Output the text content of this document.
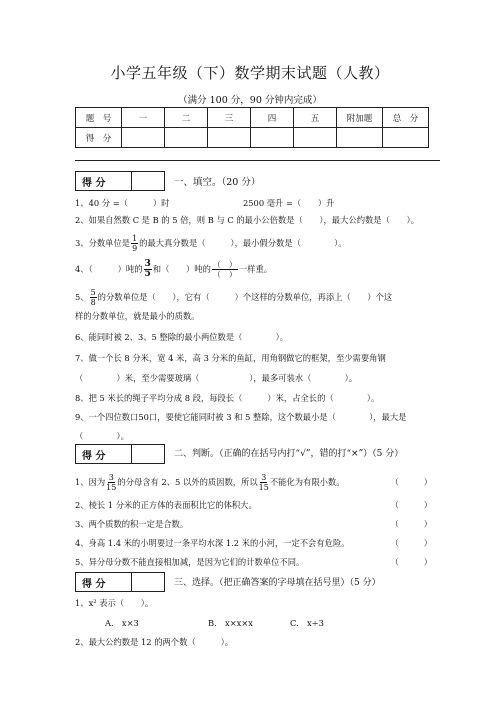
小学五年级（下）数学期末试题（人教）
（满分 100 分，90 分钟内完成）
题　号	一	二	三	四	五	附加题	总　分
得　分							
得 分	一、填空。（20 分）
1、40 分 =（　　　）时	2500 毫升 =（　　）升
2、如果自然数 C 是 B 的 5 倍，则 B 与 C 的最小公倍数是（　　），最大公约数是（　　）。
3、分数单位是 $\frac{1}{9}$ 的最大真分数是（　　　），最小假分数是（　　　　）。
4、（　　　）吨的 $\frac{3}{5}$ 和（　　）吨的 $\frac{( )}{( )}$ 一样重。
5、 $\frac{5}{8}$ 的分数单位是（　　），它有（　　　）个这样的分数单位，再添上（　　）个这
样的分数单位，就是最小的质数。
6、能同时被 2、3、5 整除的最小两位数是（　　　　）。
7、做一个长 8 分米，宽 4 米，高 3 分米的鱼缸，用角钢做它的框架，至少需要角钢
（　　　　）米，至少需要玻璃（　　　　　　），最多可装水（　　　　）。
8、把 5 米长的绳子平均分成 8 段，每段长（　　　）米，占全长的（　　　　）。
9、一个四位数口50口，要使它能同时被 3 和 5 整除，这个数最小是（　　　　），最大是
（　　　　）。
得 分	二、判断。（正确的在括号内打“√”，错的打“×”）（5 分）
1、因为 $\frac{3}{15}$ 的分母含有 2、5 以外的质因数，所以 $\frac{3}{15}$ 不能化为有限小数。	（　　　）
2、棱长 1 分米的正方体的表面积比它的体积大。	（　　　）
3、两个质数的积一定是合数。	（　　　）
4、身高 1.4 米的小明要过一条平均水深 1.2 米的小河，一定不会有危险。	（　　　）
5、异分母分数不能直接相加减，是因为它们的计数单位不同。	（　　　）
得 分	三、选择。（把正确答案的字母填在括号里）（5 分）
1、x² 表示（　　）。
A.　x×3	B.　x×x×x	C.　x÷3
2、最大公约数是 12 的两个数（　　　）。
